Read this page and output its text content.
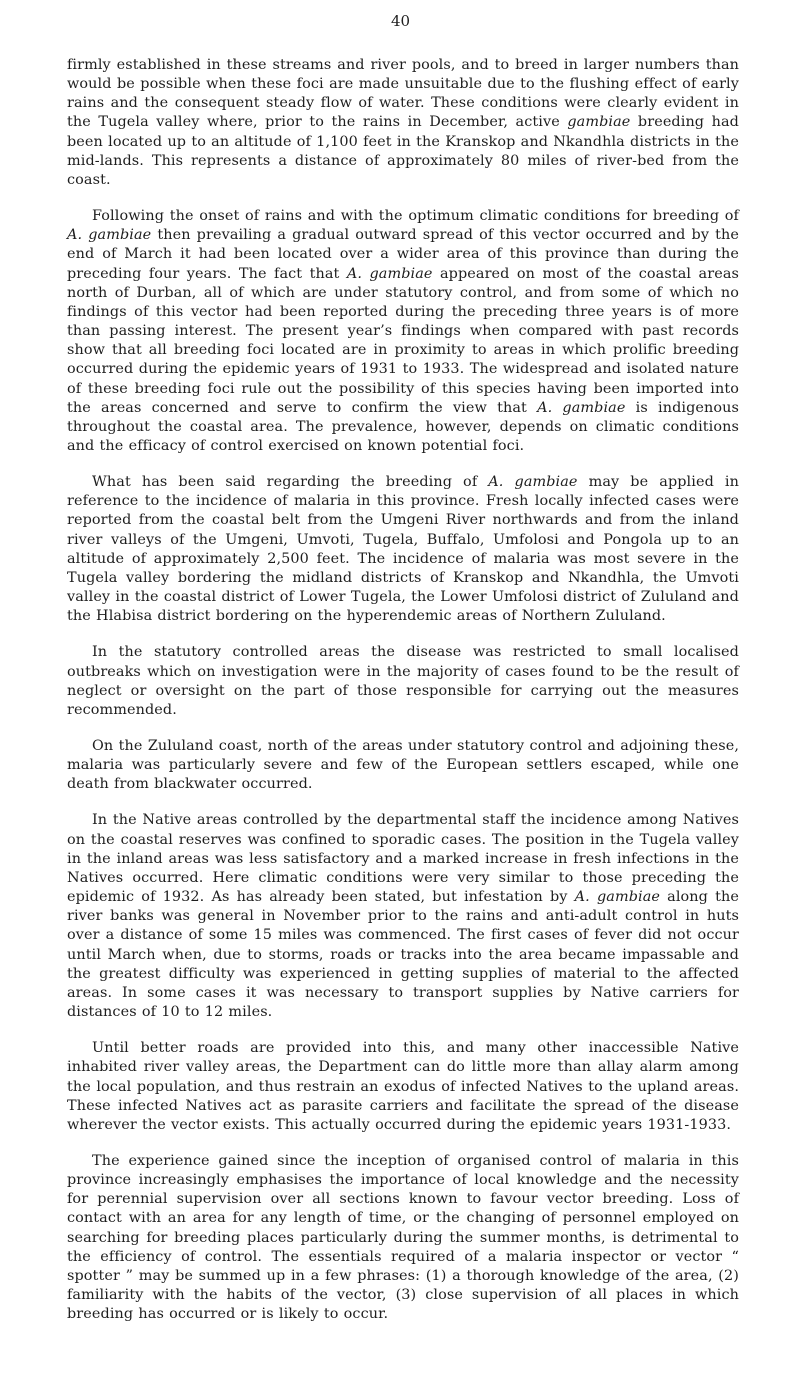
40

firmly established in these streams and river pools, and to breed in larger numbers than would be possible when these foci are made unsuitable due to the flushing effect of early rains and the consequent steady flow of water. These conditions were clearly evident in the Tugela valley where, prior to the rains in December, active gambiae breeding had been located up to an altitude of 1,100 feet in the Kranskop and Nkandhla districts in the mid-lands. This represents a distance of approximately 80 miles of river-bed from the coast.

Following the onset of rains and with the optimum climatic conditions for breeding of A. gambiae then prevailing a gradual outward spread of this vector occurred and by the end of March it had been located over a wider area of this province than during the preceding four years. The fact that A. gambiae appeared on most of the coastal areas north of Durban, all of which are under statutory control, and from some of which no findings of this vector had been reported during the preceding three years is of more than passing interest. The present year’s findings when compared with past records show that all breeding foci located are in proximity to areas in which prolific breeding occurred during the epidemic years of 1931 to 1933. The widespread and isolated nature of these breeding foci rule out the possibility of this species having been imported into the areas concerned and serve to confirm the view that A. gambiae is indigenous throughout the coastal area. The prevalence, however, depends on climatic conditions and the efficacy of control exercised on known potential foci.

What has been said regarding the breeding of A. gambiae may be applied in reference to the incidence of malaria in this province. Fresh locally infected cases were reported from the coastal belt from the Umgeni River northwards and from the inland river valleys of the Umgeni, Umvoti, Tugela, Buffalo, Umfolosi and Pongola up to an altitude of approximately 2,500 feet. The incidence of malaria was most severe in the Tugela valley bordering the midland districts of Kranskop and Nkandhla, the Umvoti valley in the coastal district of Lower Tugela, the Lower Umfolosi district of Zululand and the Hlabisa district bordering on the hyperendemic areas of Northern Zululand.

In the statutory controlled areas the disease was restricted to small localised outbreaks which on investigation were in the majority of cases found to be the result of neglect or oversight on the part of those responsible for carrying out the measures recommended.

On the Zululand coast, north of the areas under statutory control and adjoining these, malaria was particularly severe and few of the European settlers escaped, while one death from blackwater occurred.

In the Native areas controlled by the departmental staff the incidence among Natives on the coastal reserves was confined to sporadic cases. The position in the Tugela valley in the inland areas was less satisfactory and a marked increase in fresh infections in the Natives occurred. Here climatic conditions were very similar to those preceding the epidemic of 1932. As has already been stated, but infestation by A. gambiae along the river banks was general in November prior to the rains and anti-adult control in huts over a distance of some 15 miles was commenced. The first cases of fever did not occur until March when, due to storms, roads or tracks into the area became impassable and the greatest difficulty was experienced in getting supplies of material to the affected areas. In some cases it was necessary to transport supplies by Native carriers for distances of 10 to 12 miles.

Until better roads are provided into this, and many other inaccessible Native inhabited river valley areas, the Department can do little more than allay alarm among the local population, and thus restrain an exodus of infected Natives to the upland areas. These infected Natives act as parasite carriers and facilitate the spread of the disease wherever the vector exists. This actually occurred during the epidemic years 1931-1933.

The experience gained since the inception of organised control of malaria in this province increasingly emphasises the importance of local knowledge and the necessity for perennial supervision over all sections known to favour vector breeding. Loss of contact with an area for any length of time, or the changing of personnel employed on searching for breeding places particularly during the summer months, is detrimental to the efficiency of control. The essentials required of a malaria inspector or vector “ spotter ” may be summed up in a few phrases: (1) a thorough knowledge of the area, (2) familiarity with the habits of the vector, (3) close supervision of all places in which breeding has occurred or is likely to occur.
